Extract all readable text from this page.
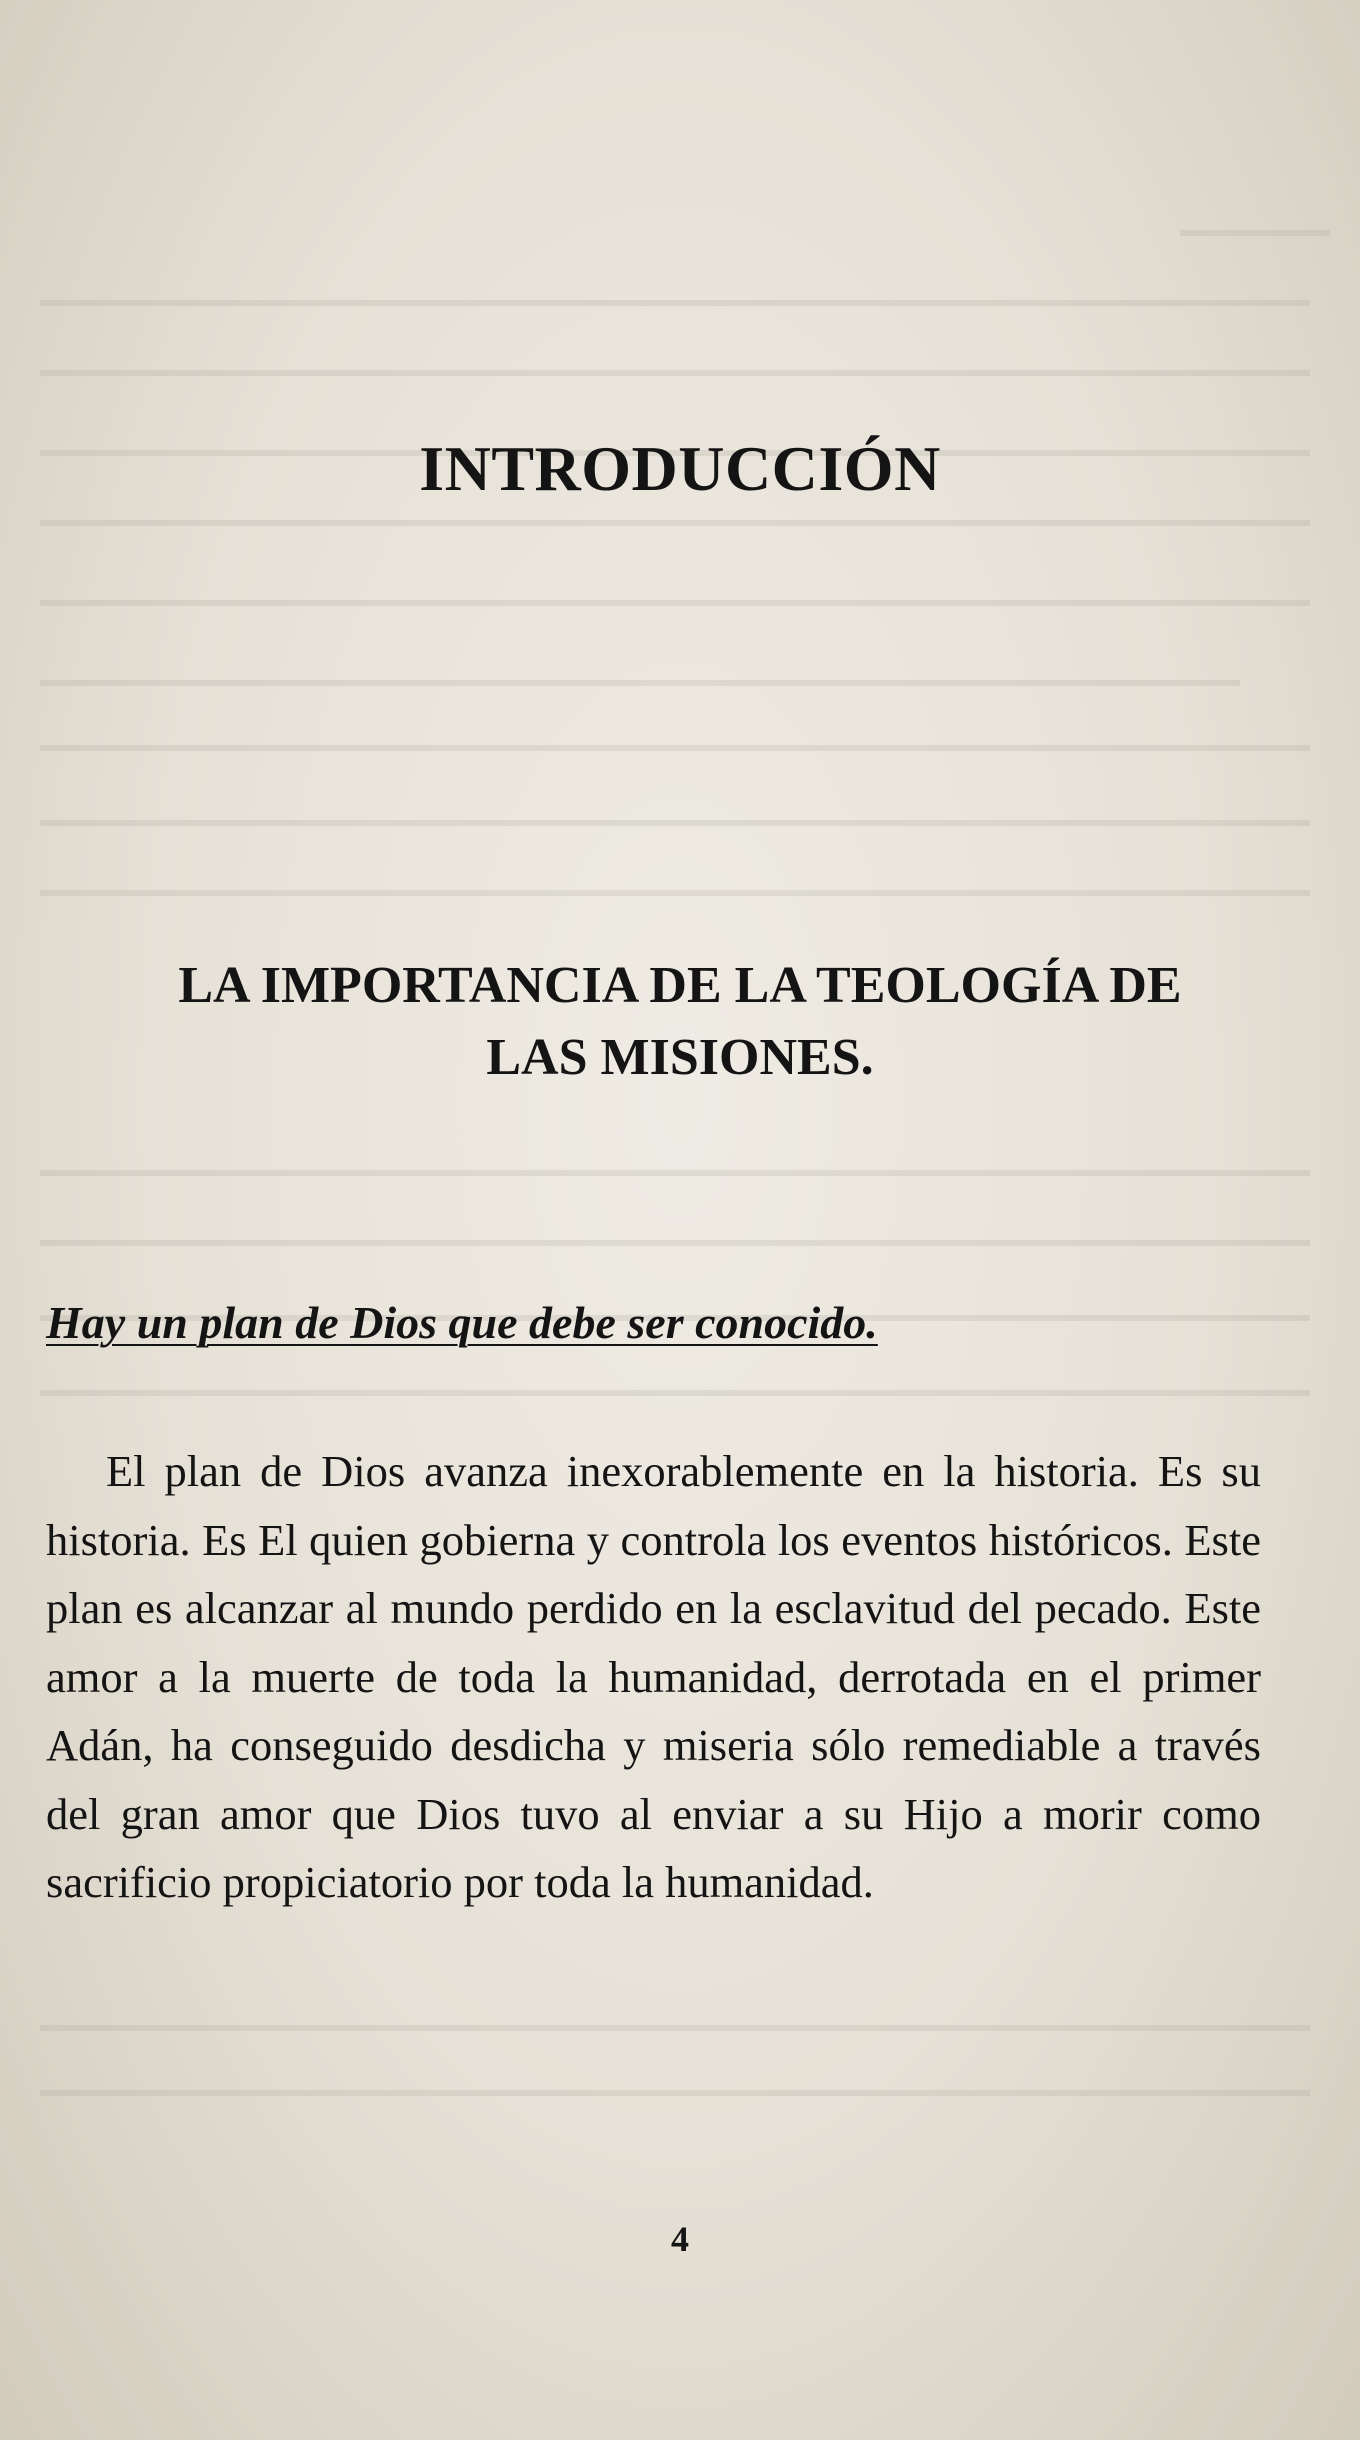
INTRODUCCIÓN
LA IMPORTANCIA DE LA TEOLOGÍA DE
LAS MISIONES.
Hay un plan de Dios que debe ser conocido.

El plan de Dios avanza inexorablemente en la historia. Es su historia. Es El quien gobierna y controla los eventos históricos. Este plan es alcanzar al mundo perdido en la esclavitud del pecado. Este amor a la muerte de toda la humanidad, derrotada en el primer Adán, ha conseguido desdicha y miseria sólo remediable a través del gran amor que Dios tuvo al enviar a su Hijo a morir como sacrificio propiciatorio por toda la humanidad.

4
